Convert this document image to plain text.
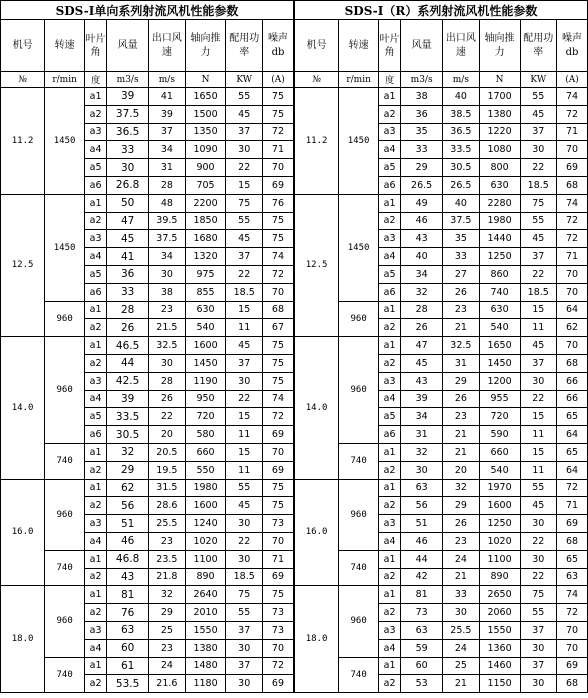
SDS-I单向系列射流风机性能参数							
机号	转速	叶片角	风量	出口风速	轴向推力	配用功率	噪声db
№	r/min	度	m3/s	m/s	N	KW	(A)
11.2	1450	a1	39	41	1650	55	75
		a2	37.5	39	1500	45	75
		a3	36.5	37	1350	37	72
		a4	33	34	1090	30	71
		a5	30	31	900	22	70
		a6	26.8	28	705	15	69
12.5	1450	a1	50	48	2200	75	76
		a2	47	39.5	1850	55	75
		a3	45	37.5	1680	45	75
		a4	41	34	1320	37	74
		a5	36	30	975	22	72
		a6	33	38	855	18.5	70
	960	a1	28	23	630	15	68
		a2	26	21.5	540	11	67
14.0	960	a1	46.5	32.5	1600	45	75
		a2	44	30	1450	37	75
		a3	42.5	28	1190	30	75
		a4	39	26	950	22	74
		a5	33.5	22	720	15	72
		a6	30.5	20	580	11	69
	740	a1	32	20.5	660	15	70
		a2	29	19.5	550	11	69
16.0	960	a1	62	31.5	1980	55	75
		a2	56	28.6	1600	45	75
		a3	51	25.5	1240	30	73
		a4	46	23	1020	22	70
	740	a1	46.8	23.5	1100	30	71
		a2	43	21.8	890	18.5	69
18.0	960	a1	81	32	2640	75	75
		a2	76	29	2010	55	73
		a3	63	25	1550	37	73
		a4	60	23	1380	30	70
	740	a1	61	24	1480	37	72
		a2	53.5	21.6	1180	30	69
SDS-I（R）系列射流风机性能参数							
机号	转速	叶片角	风量	出口风速	轴向推力	配用功率	噪声db
№	r/min	度	m3/s	m/s	N	KW	(A)
11.2	1450	a1	38	40	1700	55	74
		a2	36	38.5	1380	45	72
		a3	35	36.5	1220	37	71
		a4	33	33.5	1080	30	70
		a5	29	30.5	800	22	69
		a6	26.5	26.5	630	18.5	68
12.5	1450	a1	49	40	2280	75	74
		a2	46	37.5	1980	55	72
		a3	43	35	1440	45	72
		a4	40	33	1250	37	71
		a5	34	27	860	22	70
		a6	32	26	740	18.5	70
	960	a1	28	23	630	15	64
		a2	26	21	540	11	62
14.0	960	a1	47	32.5	1650	45	70
		a2	45	31	1450	37	68
		a3	43	29	1200	30	66
		a4	39	26	955	22	66
		a5	34	23	720	15	65
		a6	31	21	590	11	64
	740	a1	32	21	660	15	65
		a2	30	20	540	11	64
16.0	960	a1	63	32	1970	55	72
		a2	56	29	1600	45	71
		a3	51	26	1250	30	69
		a4	46	23	1020	22	68
	740	a1	44	24	1100	30	65
		a2	42	21	890	22	63
18.0	960	a1	81	33	2650	75	74
		a2	73	30	2060	55	72
		a3	63	25.5	1550	37	70
		a4	59	24	1360	30	70
	740	a1	60	25	1460	37	69
		a2	53	21	1150	30	68
